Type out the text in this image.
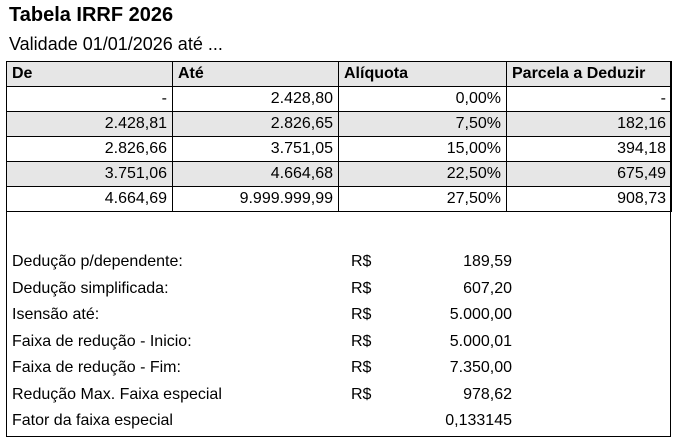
Tabela IRRF 2026
Validade 01/01/2026 até ...
De	Até	Alíquota	Parcela a Deduzir
-	2.428,80	0,00%	-
2.428,81	2.826,65	7,50%	182,16
2.826,66	3.751,05	15,00%	394,18
3.751,06	4.664,68	22,50%	675,49
4.664,69	9.999.999,99	27,50%	908,73
Dedução p/dependente:	R$	189,59
Dedução simplificada:	R$	607,20
Isensão até:	R$	5.000,00
Faixa de redução - Inicio:	R$	5.000,01
Faixa de redução - Fim:	R$	7.350,00
Redução Max. Faixa especial	R$	978,62
Fator da faixa especial	0,133145
